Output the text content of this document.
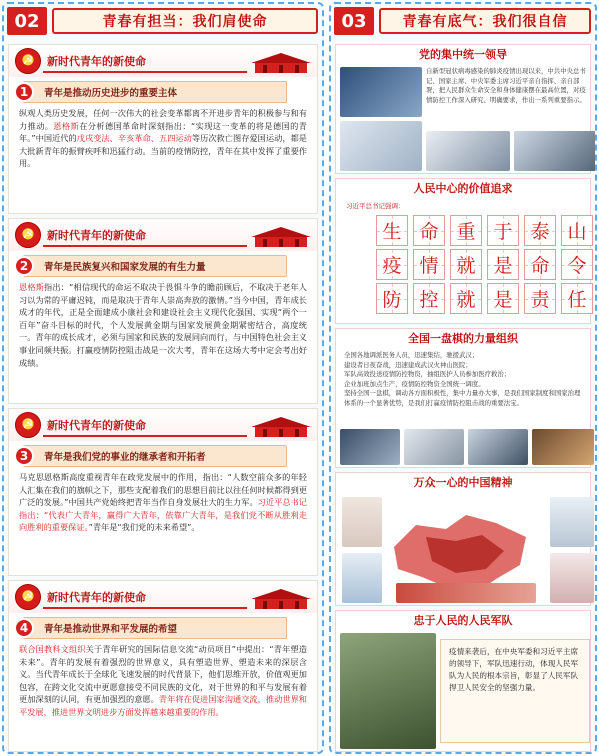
02	青春有担当：我们肩使命
☭
新时代青年的新使命
1	青年是推动历史进步的重要主体
纵观人类历史发展，任何一次伟大的社会变革都离不开进步青年的积极参与和有力推动。恩格斯在分析德国革命时深刻指出：“实现这一变革的将是德国的青年。”中国近代的戊戌变法、辛亥革命、五四运动等历次救亡图存爱国运动，都是大批新青年的振臂疾呼和迅猛行动。当前的疫情防控，青年在其中发挥了重要作用。
☭
新时代青年的新使命
2	青年是民族复兴和国家发展的有生力量
恩格斯指出：“相信现代的命运不取决于畏惧斗争的瞻前顾后，不取决于老年人习以为常的平庸迟钝，而是取决于青年人崇高奔放的激情。”当今中国，青年成长成才的年代，正是全面建成小康社会和建设社会主义现代化强国、实现“两个一百年”奋斗目标的时代，个人发展黄金期与国家发展黄金期紧密结合，高度统一。青年的成长成才，必须与国家和民族的发展同向而行，与中国特色社会主义事业同频共振。打赢疫情防控阻击战是一次大考，青年在这场大考中定会考出好成绩。
☭
新时代青年的新使命
3	青年是我们党的事业的继承者和开拓者
马克思恩格斯高度重视青年在政党发展中的作用，指出：“人数空前众多的年轻人汇集在我们的旗帜之下，那些支配着我们的思想目前比以往任何时候都得到更广泛的发展。”中国共产党始终把青年当作自身发展壮大的生力军。习近平总书记指出：“代表广大青年，赢得广大青年，依靠广大青年，是我们党不断从胜利走向胜利的重要保证。”青年是“我们党的未来希望”。
☭
新时代青年的新使命
4	青年是推动世界和平发展的希望
联合国教科文组织关于青年研究的国际信息交流“动员项目”中提出：“青年塑造未来”。青年的发展有着强烈的世界意义，具有塑造世界、塑造未来的深层含义。当代青年成长于全球化飞速发展的时代背景下，他们思维开放，价值观更加包容，在跨文化交流中更愿意接受不同民族的文化，对于世界的和平与发展有着更加深刻的认同，有更加强烈的意愿。青年将在促进国家沟通交流，推动世界和平发展，推进世界文明进步方面发挥越来越重要的作用。
03	青春有底气：我们很自信
党的集中统一领导
自新型冠状病毒感染的肺炎疫情出现以来，中共中央总书记、国家主席、中央军委主席习近平亲自指挥、亲自部署，把人民群众生命安全和身体健康摆在最高位置，对疫情防控工作深入研究、明确要求，作出一系列重要指示。
人民中心的价值追求
习近平总书记强调：
生 命 重 于 泰 山
疫 情 就 是 命 令
防 控 就 是 责 任
全国一盘棋的力量组织
全国各地调派医务人员，迅速集结，驰援武汉；
建设者日夜奋战，迅速建成武汉火神山医院；
军队高效投送疫情防控物资，抽组医护人员参加医疗救治；
企业加班加点生产，疫情防控物资全国统一调度。
坚持全国一盘棋，调动各方面积极性，集中力量办大事，是我们国家制度和国家治理体系的一个显著优势，是我们打赢疫情防控阻击战的重要法宝。
万众一心的中国精神
忠于人民的人民军队
疫情来袭后，在中央军委和习近平主席的领导下，军队迅速行动，体现人民军队为人民的根本宗旨，彰显了人民军队捍卫人民安全的坚强力量。
